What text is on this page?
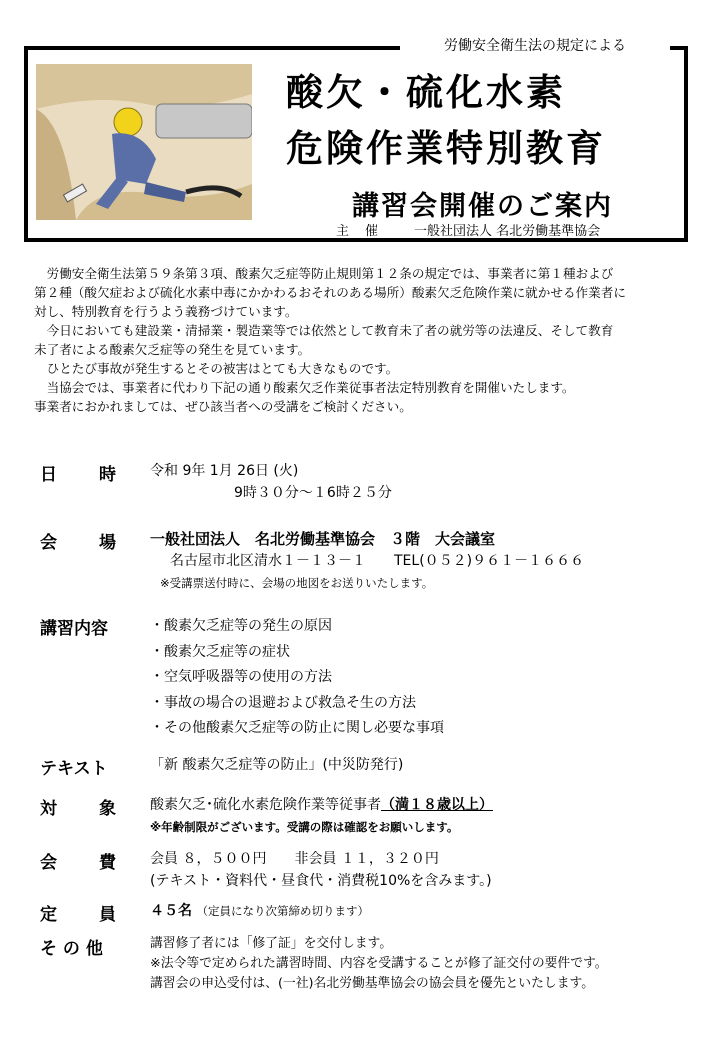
労働安全衛生法の規定による
酸欠・硫化水素
危険作業特別教育
講習会開催のご案内
主催 一般社団法人 名北労働基準協会

　労働安全衛生法第５９条第３項、酸素欠乏症等防止規則第１２条の規定では、事業者に第１種および

第２種（酸欠症および硫化水素中毒にかかわるおそれのある場所）酸素欠乏危険作業に就かせる作業者に

対し、特別教育を行うよう義務づけています。

　今日においても建設業・清掃業・製造業等では依然として教育未了者の就労等の法違反、そして教育

未了者による酸素欠乏症等の発生を見ています。

　ひとたび事故が発生するとその被害はとても大きなものです。

　当協会では、事業者に代わり下記の通り酸素欠乏作業従事者法定特別教育を開催いたします。

事業者におかれましては、ぜひ該当者への受講をご検討ください。

日 時 令和 9年 1月 26日 (火)
9時３０分～１6時２５分
会 場 一般社団法人　名北労働基準協会　３階　大会議室
名古屋市北区清水１－１３－１　　TEL(０５２)９６１－１６６６
※受講票送付時に、会場の地図をお送りいたします。
講習内容	・酸素欠乏症等の発生の原因
・酸素欠乏症等の症状
・空気呼吸器等の使用の方法
・事故の場合の退避および救急そ生の方法
・その他酸素欠乏症等の防止に関し必要な事項
テキスト	「新 酸素欠乏症等の防止」(中災防発行)
対 象 酸素欠乏･硫化水素危険作業等従事者（満１８歳以上）
※年齢制限がございます。受講の際は確認をお願いします。
会 費 会員 ８，５００円　　非会員 １１，３２０円
(テキスト・資料代・昼食代・消費税10%を含みます。)
定 員 ４５名 （定員になり次第締め切ります）
そ の 他	講習修了者には「修了証」を交付します。
※法令等で定められた講習時間、内容を受講することが修了証交付の要件です。
講習会の申込受付は、(一社)名北労働基準協会の協会員を優先といたします。
